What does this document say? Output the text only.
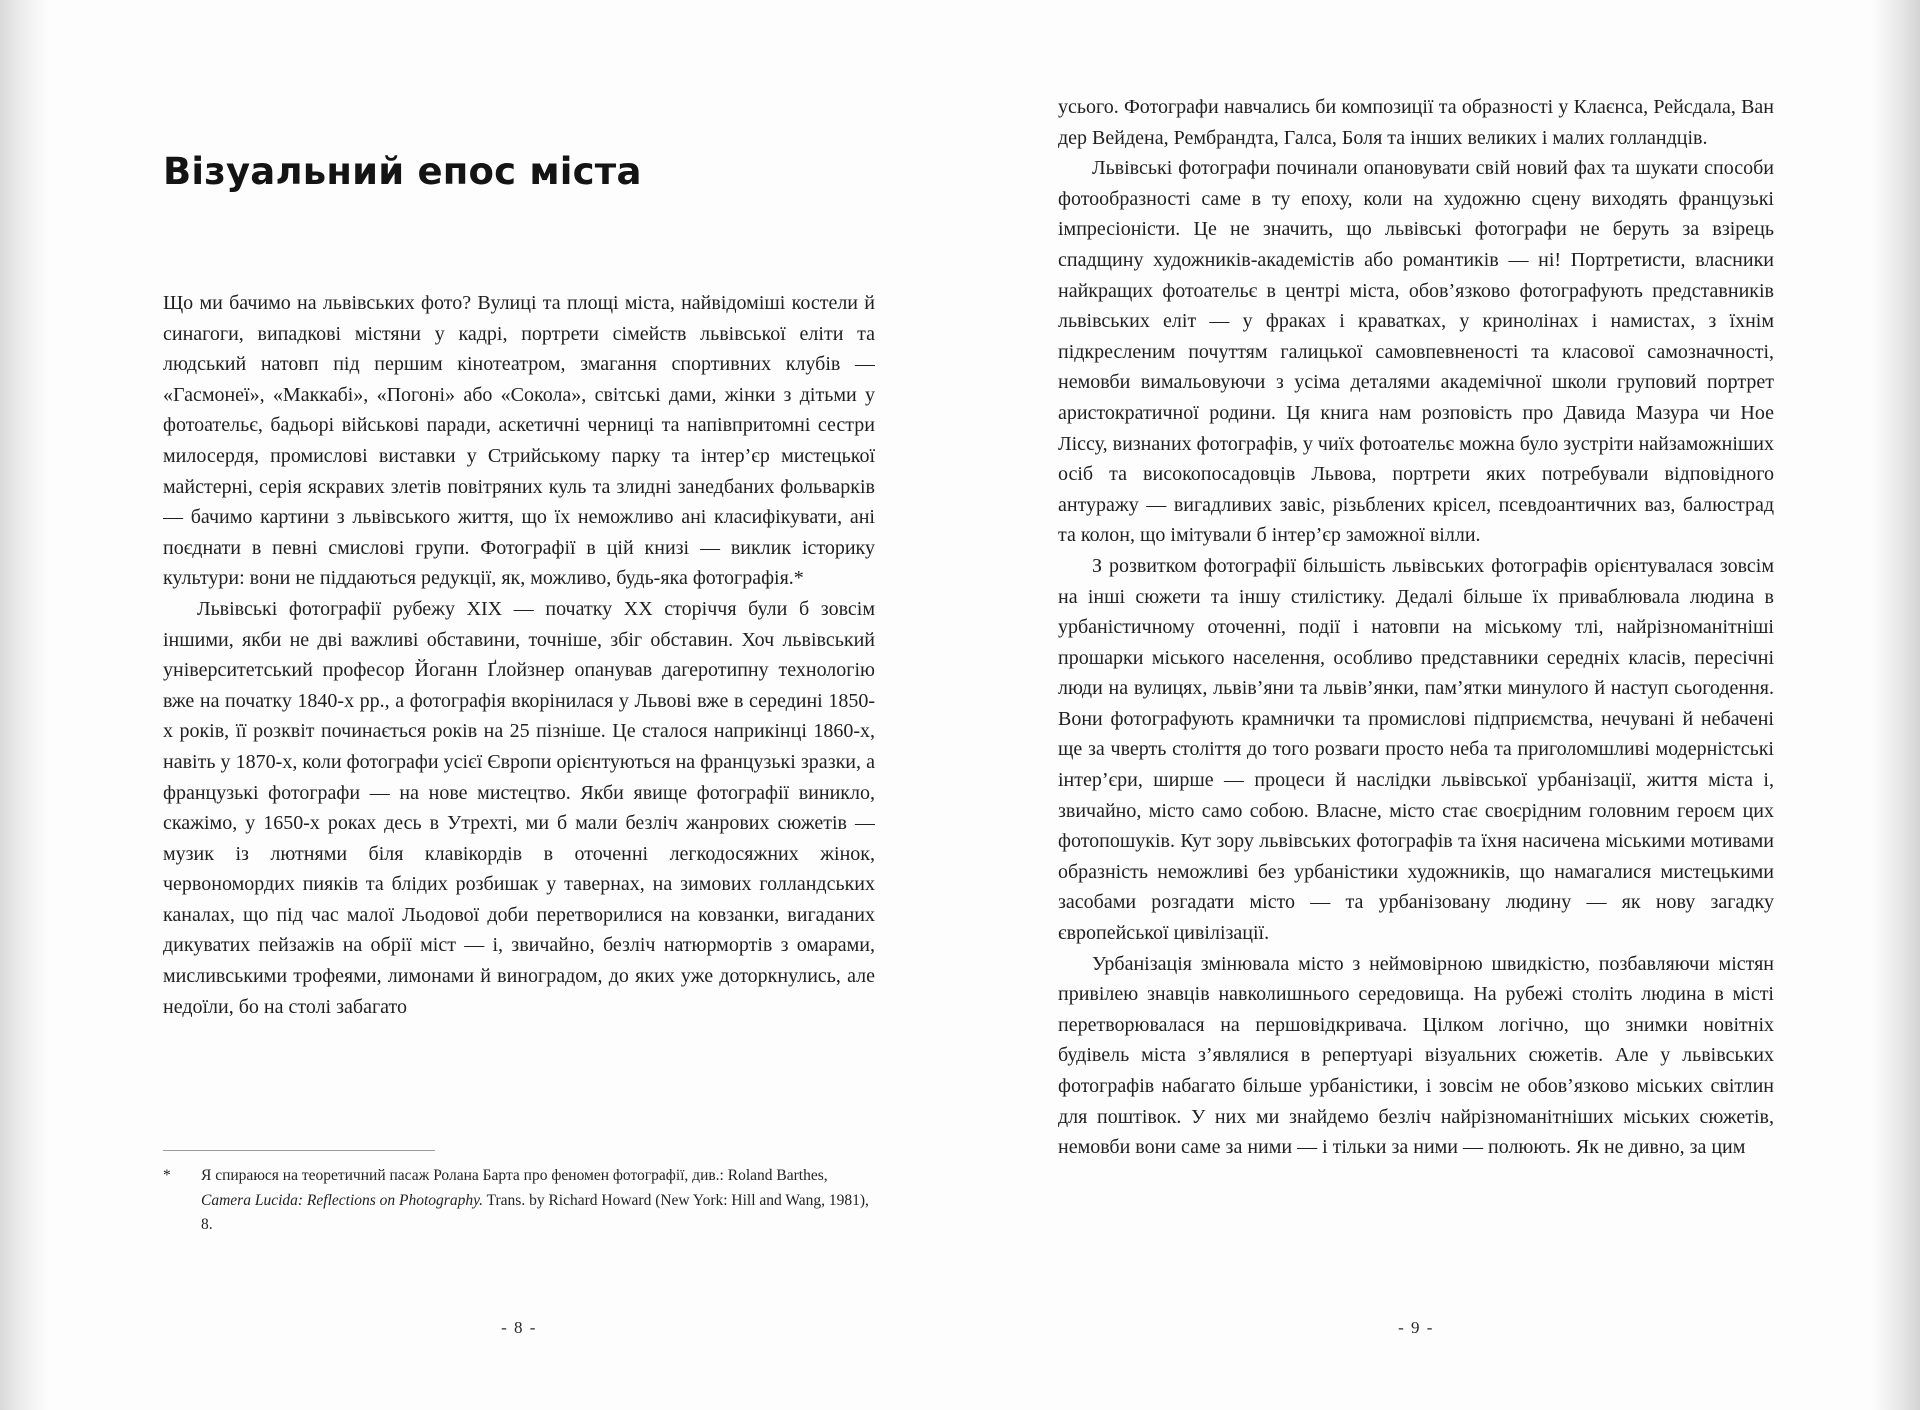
Візуальний епос міста

Що ми бачимо на львівських фото? Вулиці та площі міста, найвідоміші костели й синагоги, випадкові містяни у кадрі, портрети сімейств львівської еліти та людський натовп під першим кінотеатром, змагання спортивних клубів — «Гасмонеї», «Маккабі», «Погоні» або «Сокола», світські дами, жінки з дітьми у фотоательє, бадьорі військові паради, аскетичні черниці та напівпритомні сестри милосердя, промислові виставки у Стрийському парку та інтер’єр мистецької майстерні, серія яскравих злетів повітряних куль та злидні занедбаних фольварків — бачимо картини з львівського життя, що їх неможливо ані класифікувати, ані поєднати в певні смислові групи. Фотографії в цій книзі — виклик історику культури: вони не піддаються редукції, як, можливо, будь-яка фотографія.*

Львівські фотографії рубежу XIX — початку XX сторіччя були б зовсім іншими, якби не дві важливі обставини, точніше, збіг обставин. Хоч львівський університетський професор Йоганн Ґлойзнер опанував дагеротипну технологію вже на початку 1840-х рр., а фотографія вкорінилася у Львові вже в середині 1850-х років, її розквіт починається років на 25 пізніше. Це сталося наприкінці 1860-х, навіть у 1870-х, коли фотографи усієї Європи орієнтуються на французькі зразки, а французькі фотографи — на нове мистецтво. Якби явище фотографії виникло, скажімо, у 1650-х роках десь в Утрехті, ми б мали безліч жанрових сюжетів — музик із лютнями біля клавікордів в оточенні легкодосяжних жінок, червономордих пияків та блідих розбишак у тавернах, на зимових голландських каналах, що під час малої Льодової доби перетворилися на ковзанки, вигаданих дикуватих пейзажів на обрії міст — і, звичайно, безліч натюрмортів з омарами, мисливськими трофеями, лимонами й виноградом, до яких уже доторкнулись, але недоїли, бо на столі забагато

*	Я спираюся на теоретичний пасаж Ролана Барта про феномен фотографії, див.: Roland Barthes, Camera Lucida: Reflections on Photography. Trans. by Richard Howard (New York: Hill and Wang, 1981), 8.
- 8 -

усього. Фотографи навчались би композиції та образності у Клаєнса, Рейсдала, Ван дер Вейдена, Рембрандта, Галса, Боля та інших великих і малих голландців.

Львівські фотографи починали опановувати свій новий фах та шукати способи фотообразності саме в ту епоху, коли на художню сцену виходять французькі імпресіоністи. Це не значить, що львівські фотографи не беруть за взірець спадщину художників-академістів або романтиків — ні! Портретисти, власники найкращих фотоательє в центрі міста, обов’язково фотографують представників львівських еліт — у фраках і краватках, у кринолінах і намистах, з їхнім підкресленим почуттям галицької самовпевненості та класової самозначності, немовби вимальовуючи з усіма деталями академічної школи груповий портрет аристократичної родини. Ця книга нам розповість про Давида Мазура чи Ное Ліссу, визнаних фотографів, у чиїх фотоательє можна було зустріти найзаможніших осіб та високопосадовців Львова, портрети яких потребували відповідного антуражу — вигадливих завіс, різьблених крісел, псевдоантичних ваз, балюстрад та колон, що імітували б інтер’єр заможної вілли.

З розвитком фотографії більшість львівських фотографів орієнтувалася зовсім на інші сюжети та іншу стилістику. Дедалі більше їх приваблювала людина в урбаністичному оточенні, події і натовпи на міському тлі, найрізноманітніші прошарки міського населення, особливо представники середніх класів, пересічні люди на вулицях, львів’яни та львів’янки, пам’ятки минулого й наступ сьогодення. Вони фотографують крамнички та промислові підприємства, нечувані й небачені ще за чверть століття до того розваги просто неба та приголомшливі модерністські інтер’єри, ширше — процеси й наслідки львівської урбанізації, життя міста і, звичайно, місто само собою. Власне, місто стає своєрідним головним героєм цих фотопошуків. Кут зору львівських фотографів та їхня насичена міськими мотивами образність неможливі без урбаністики художників, що намагалися мистецькими засобами розгадати місто — та урбанізовану людину — як нову загадку європейської цивілізації.

Урбанізація змінювала місто з неймовірною швидкістю, позбавляючи містян привілею знавців навколишнього середовища. На рубежі століть людина в місті перетворювалася на першовідкривача. Цілком логічно, що знимки новітніх будівель міста з’являлися в репертуарі візуальних сюжетів. Але у львівських фотографів набагато більше урбаністики, і зовсім не обов’язково міських світлин для поштівок. У них ми знайдемо безліч найрізноманітніших міських сюжетів, немовби вони саме за ними — і тільки за ними — полюють. Як не дивно, за цим

- 9 -
